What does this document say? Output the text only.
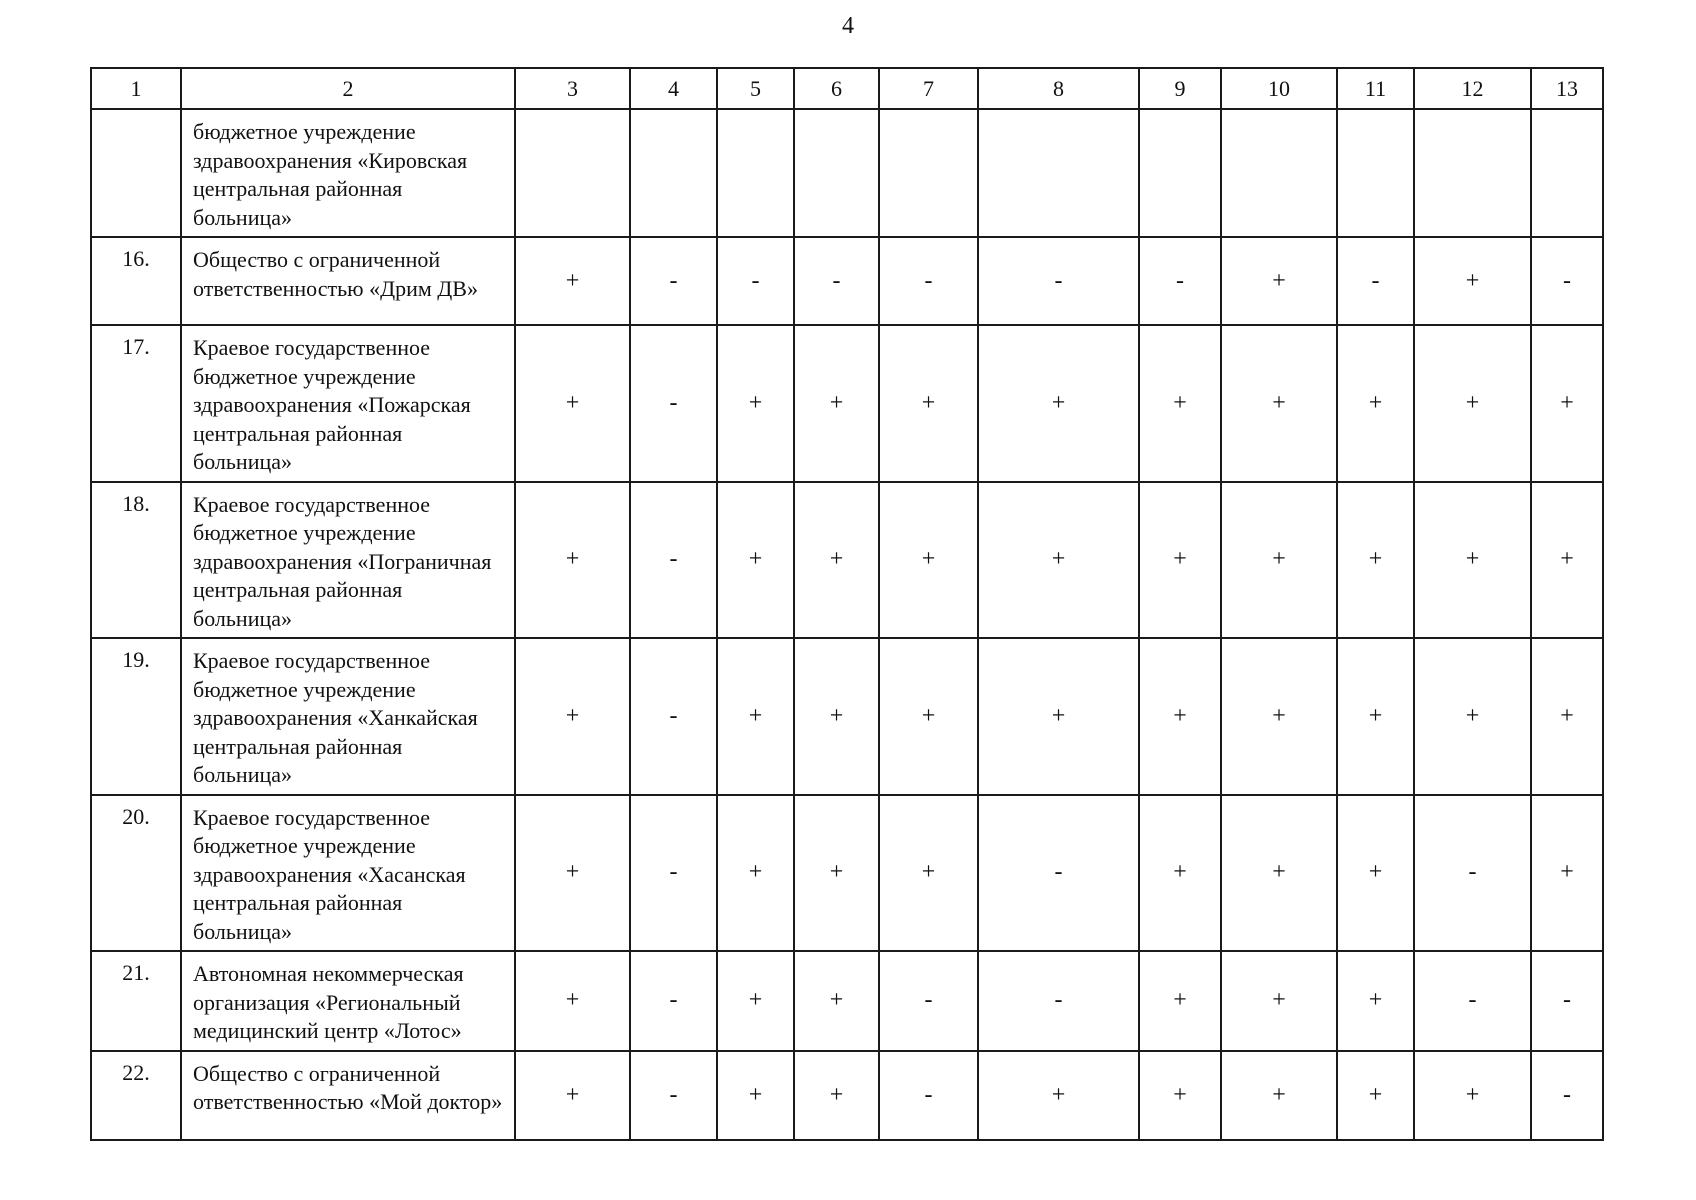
4
1	2	3	4	5	6	7	8	9	10	11	12	13
	бюджетное учреждение здравоохранения «Кировская центральная районная больница»											
16.	Общество с ограниченной ответственностью «Дрим ДВ»	+	-	-	-	-	-	-	+	-	+	-
17.	Краевое государственное бюджетное учреждение здравоохранения «Пожарская центральная районная больница»	+	-	+	+	+	+	+	+	+	+	+
18.	Краевое государственное бюджетное учреждение здравоохранения «Пограничная центральная районная больница»	+	-	+	+	+	+	+	+	+	+	+
19.	Краевое государственное бюджетное учреждение здравоохранения «Ханкайская центральная районная больница»	+	-	+	+	+	+	+	+	+	+	+
20.	Краевое государственное бюджетное учреждение здравоохранения «Хасанская центральная районная больница»	+	-	+	+	+	-	+	+	+	-	+
21.	Автономная некоммерческая организация «Региональный медицинский центр «Лотос»	+	-	+	+	-	-	+	+	+	-	-
22.	Общество с ограниченной ответственностью «Мой доктор»	+	-	+	+	-	+	+	+	+	+	-
